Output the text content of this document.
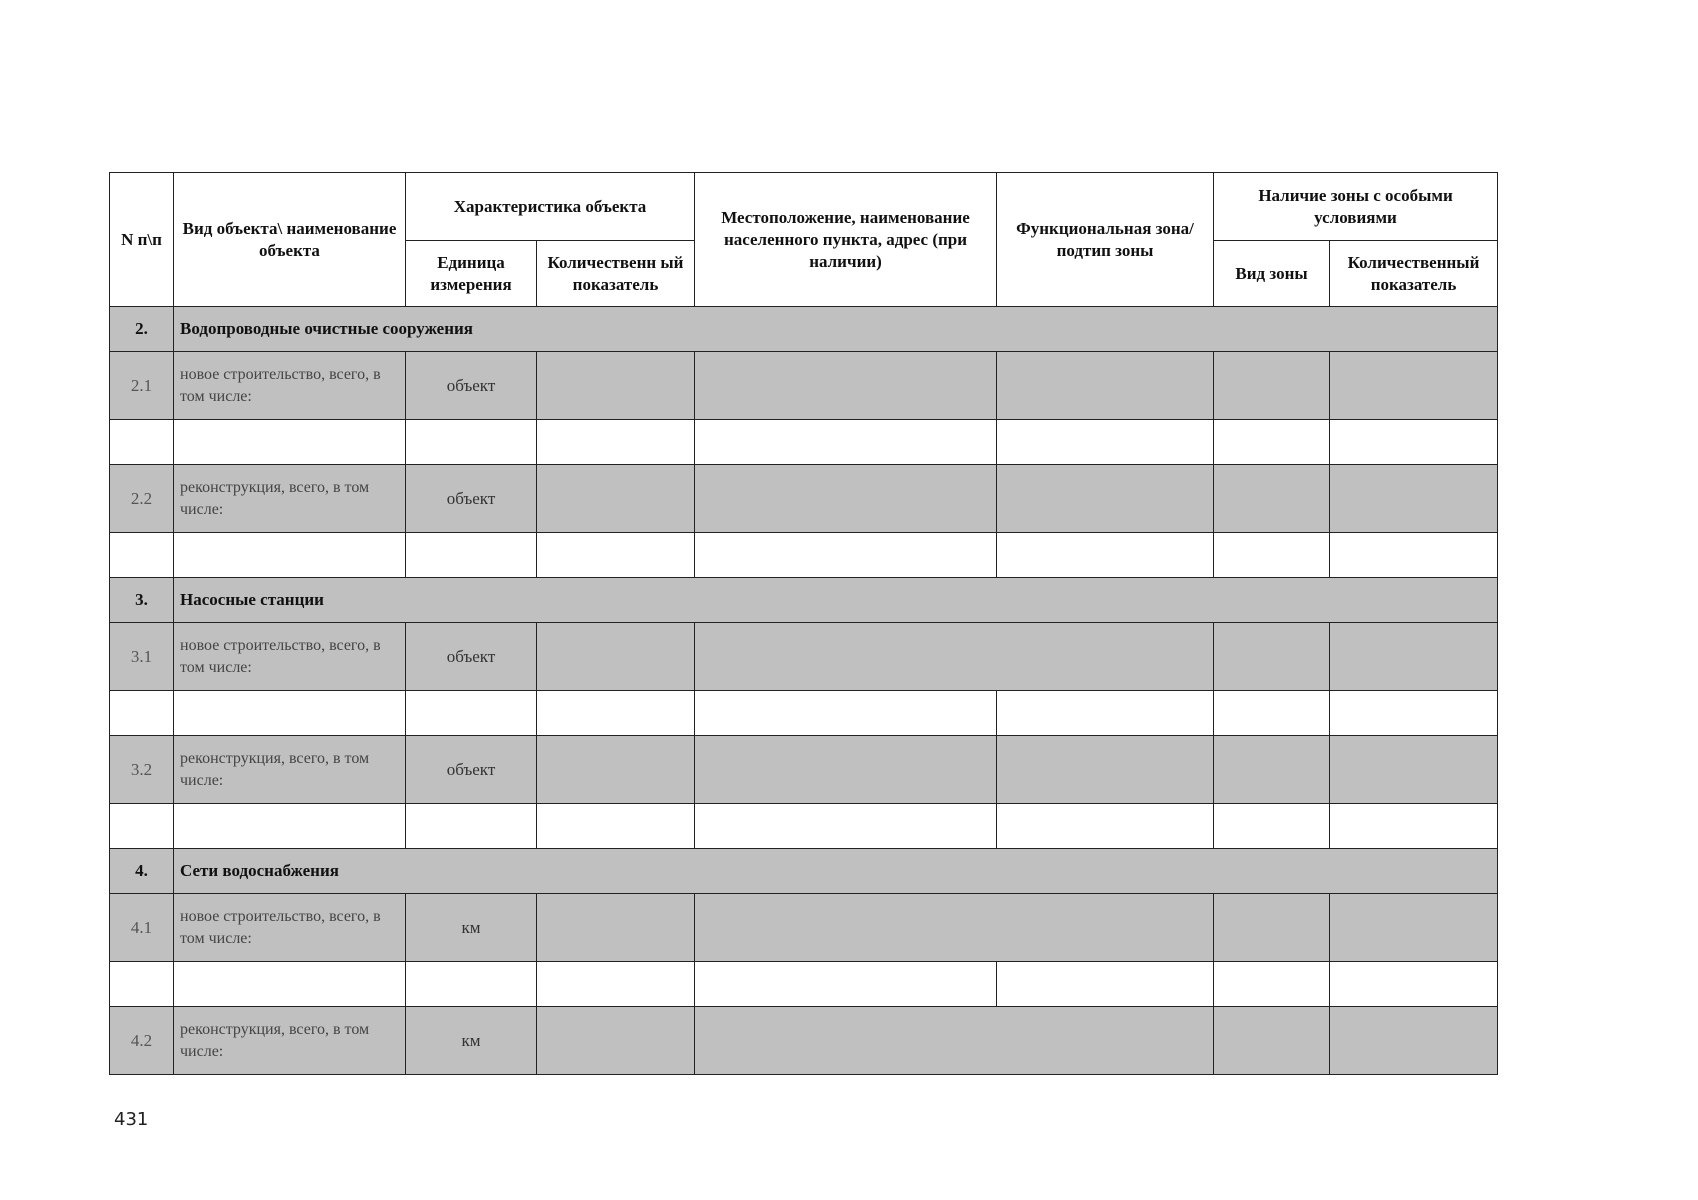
N п\п	Вид объекта\ наименование объекта	Характеристика объекта		Местоположение, наименование населенного пункта, адрес (при наличии)	Функциональная зона/ подтип зоны	Наличие зоны с особыми условиями	
		Единица измерения	Количественн ый показатель			Вид зоны	Количественный показатель
2.	Водопроводные очистные сооружения						
2.1	новое строительство, всего, в том числе:	объект					

2.2	реконструкция, всего, в том числе:	объект					

3.	Насосные станции						
3.1	новое строительство, всего, в том числе:	объект					

3.2	реконструкция, всего, в том числе:	объект					

4.	Сети водоснабжения						
4.1	новое строительство, всего, в том числе:	км					

4.2	реконструкция, всего, в том числе:	км					
431
